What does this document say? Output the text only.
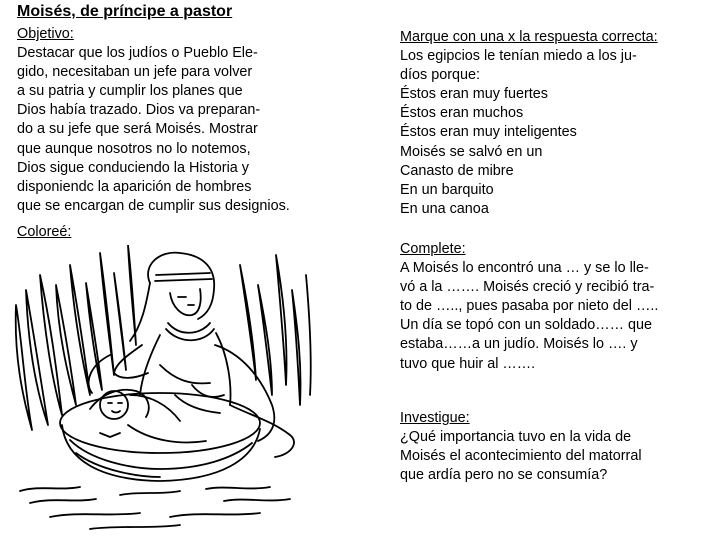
Moisés, de príncipe a pastor
Objetivo:
Destacar que los judíos o Pueblo Ele-
gido, necesitaban un jefe para volver
a su patria y cumplir los planes que
Dios había trazado. Dios va preparan-
do a su jefe que será Moisés. Mostrar
que aunque nosotros no lo notemos,
Dios sigue conduciendo la Historia y
disponiendc la aparición de hombres
que se encargan de cumplir sus designios.
Coloreé:
Marque con una x la respuesta correcta:
Los egipcios le tenían miedo a los ju-
díos porque:
Éstos eran muy fuertes
Éstos eran muchos
Éstos eran muy inteligentes
Moisés se salvó en un
Canasto de mibre
En un barquito
En una canoa
Complete:
A Moisés lo encontró una … y se lo lle-
vó a la ……. Moisés creció y recibió tra-
to de ….., pues pasaba por nieto del …..
Un día se topó con un soldado…… que
estaba……a un judío. Moisés lo …. y
tuvo que huir al …….
Investigue:
¿Qué importancia tuvo en la vida de
Moisés el acontecimiento del matorral
que ardía pero no se consumía?
